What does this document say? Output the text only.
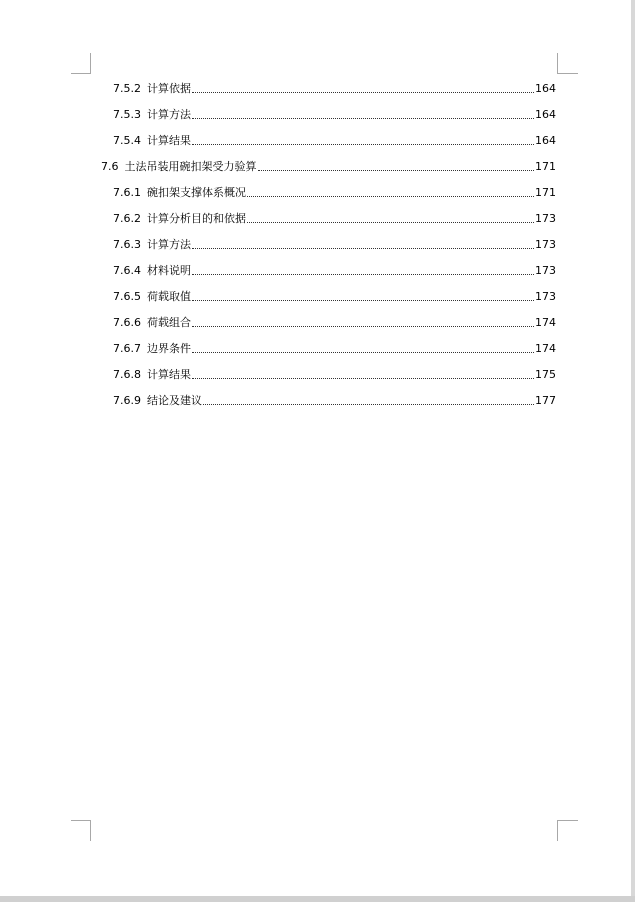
7.5.2 计算依据	164
7.5.3 计算方法	164
7.5.4 计算结果	164
7.6 土法吊装用碗扣架受力验算	171
7.6.1 碗扣架支撑体系概况	171
7.6.2 计算分析目的和依据	173
7.6.3 计算方法	173
7.6.4 材料说明	173
7.6.5 荷载取值	173
7.6.6 荷载组合	174
7.6.7 边界条件	174
7.6.8 计算结果	175
7.6.9 结论及建议	177
